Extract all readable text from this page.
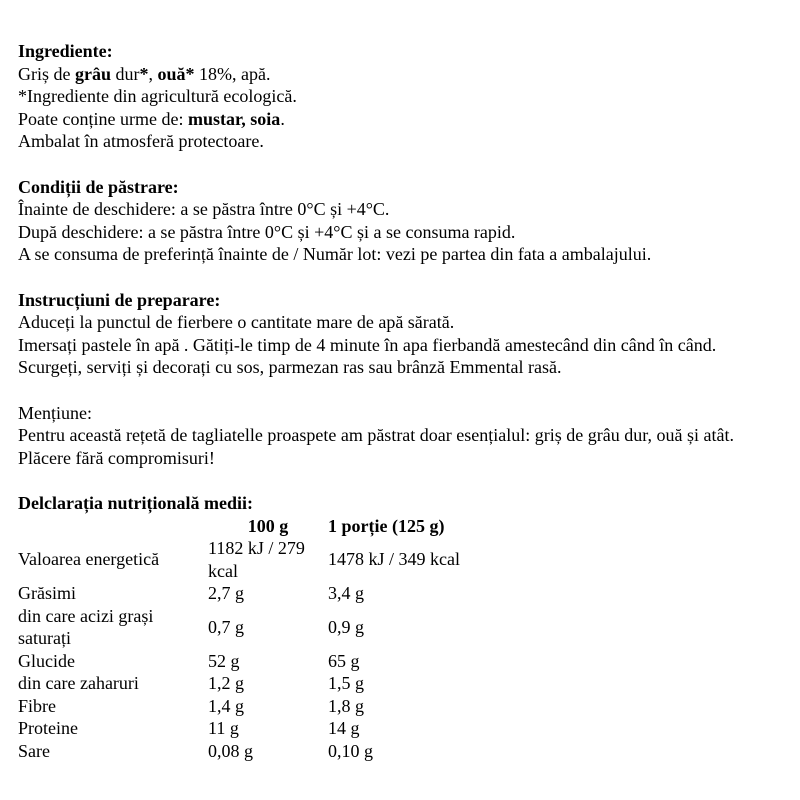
Ingrediente:
Griș de grâu dur*, ouă* 18%, apă.
*Ingrediente din agricultură ecologică.
Poate conține urme de: mustar, soia.
Ambalat în atmosferă protectoare.
Condiții de păstrare:
Înainte de deschidere: a se păstra între 0°C și +4°C.
După deschidere: a se păstra între 0°C și +4°C și a se consuma rapid.
A se consuma de preferință înainte de / Număr lot: vezi pe partea din fata a ambalajului.
Instrucțiuni de preparare:
Aduceți la punctul de fierbere o cantitate mare de apă sărată.
Imersați pastele în apă . Gătiți-le timp de 4 minute în apa fierbandă amestecând din când în când.
Scurgeți, serviți și decorați cu sos, parmezan ras sau brânză Emmental rasă.
Mențiune:
Pentru această rețetă de tagliatelle proaspete am păstrat doar esențialul: griș de grâu dur, ouă și atât.
Plăcere fără compromisuri!
Delclarația nutrițională medii:
	100 g	1 porție (125 g)
Valoarea energetică	1182 kJ / 279 kcal	1478 kJ / 349 kcal
Grăsimi	2,7 g	3,4 g
din care acizi grași saturați	0,7 g	0,9 g
Glucide	52 g	65 g
din care zaharuri	1,2 g	1,5 g
Fibre	1,4 g	1,8 g
Proteine	11 g	14 g
Sare	0,08 g	0,10 g
